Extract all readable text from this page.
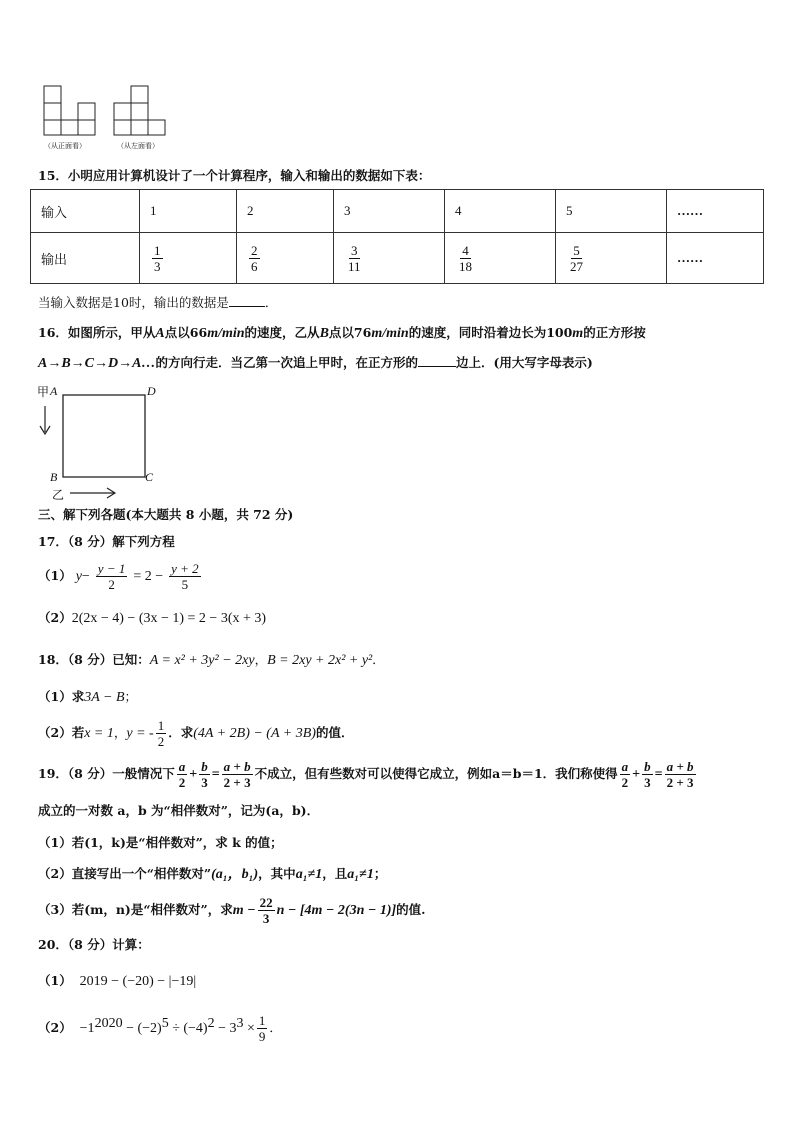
（从正面看）	（从左面看）
15．小明应用计算机设计了一个计算程序，输入和输出的数据如下表：
输入	1	2	3	4	5	……
输出	$\frac{1}{3}$	$\frac{2}{6}$	$\frac{3}{11}$	$\frac{4}{18}$	$\frac{5}{27}$	……
当输入数据是10时，输出的数据是	．
16．如图所示，甲从A点以66m/min的速度，乙从B点以76m/min的速度，同时沿着边长为100m的正方形按
A→B→C→D→A…的方向行走．当乙第一次追上甲时，在正方形的	边上．(用大写字母表示)
甲 A	D
B	C
乙
三、解下列各题(本大题共 8 小题，共 72 分)
17．（8 分）解下列方程
（1） $y- \frac{y - 1}{2} = 2 - \frac{y + 2}{5}$
（2）2(2x − 4) − (3x − 1) = 2 − 3(x + 3)
18．（8 分）已知：A = x² + 3y² − 2xy，B = 2xy + 2x² + y²．
（1）求3A − B；
（2）若x = 1，y = - $\frac{1}{2}$ ．求(4A + 2B) − (A + 3B)的值．
19．（8 分）一般情况下 $\frac{a}{2} + \frac{b}{3} = \frac{a + b}{2 + 3}$ 不成立，但有些数对可以使得它成立，例如a＝b＝1．我们称使得 $\frac{a}{2} + \frac{b}{3} = \frac{a + b}{2 + 3}$
成立的一对数 a，b 为“相伴数对”，记为(a，b)．
（1）若(1，k)是“相伴数对”，求 k 的值；
（2）直接写出一个“相伴数对”(a₁，b₁)，其中a₁≠1，且a₁≠1；
（3）若(m，n)是“相伴数对”，求$m - \frac{22}{3}$ n − [4m − 2(3n − 1)]的值.
20．（8 分）计算：
（1） 2019 − (−20) − |−19|
$(2) -1^{2020} - (-2)^5 \div (-4)^2 - 3^3 \times \frac{1}{9}$ ．
